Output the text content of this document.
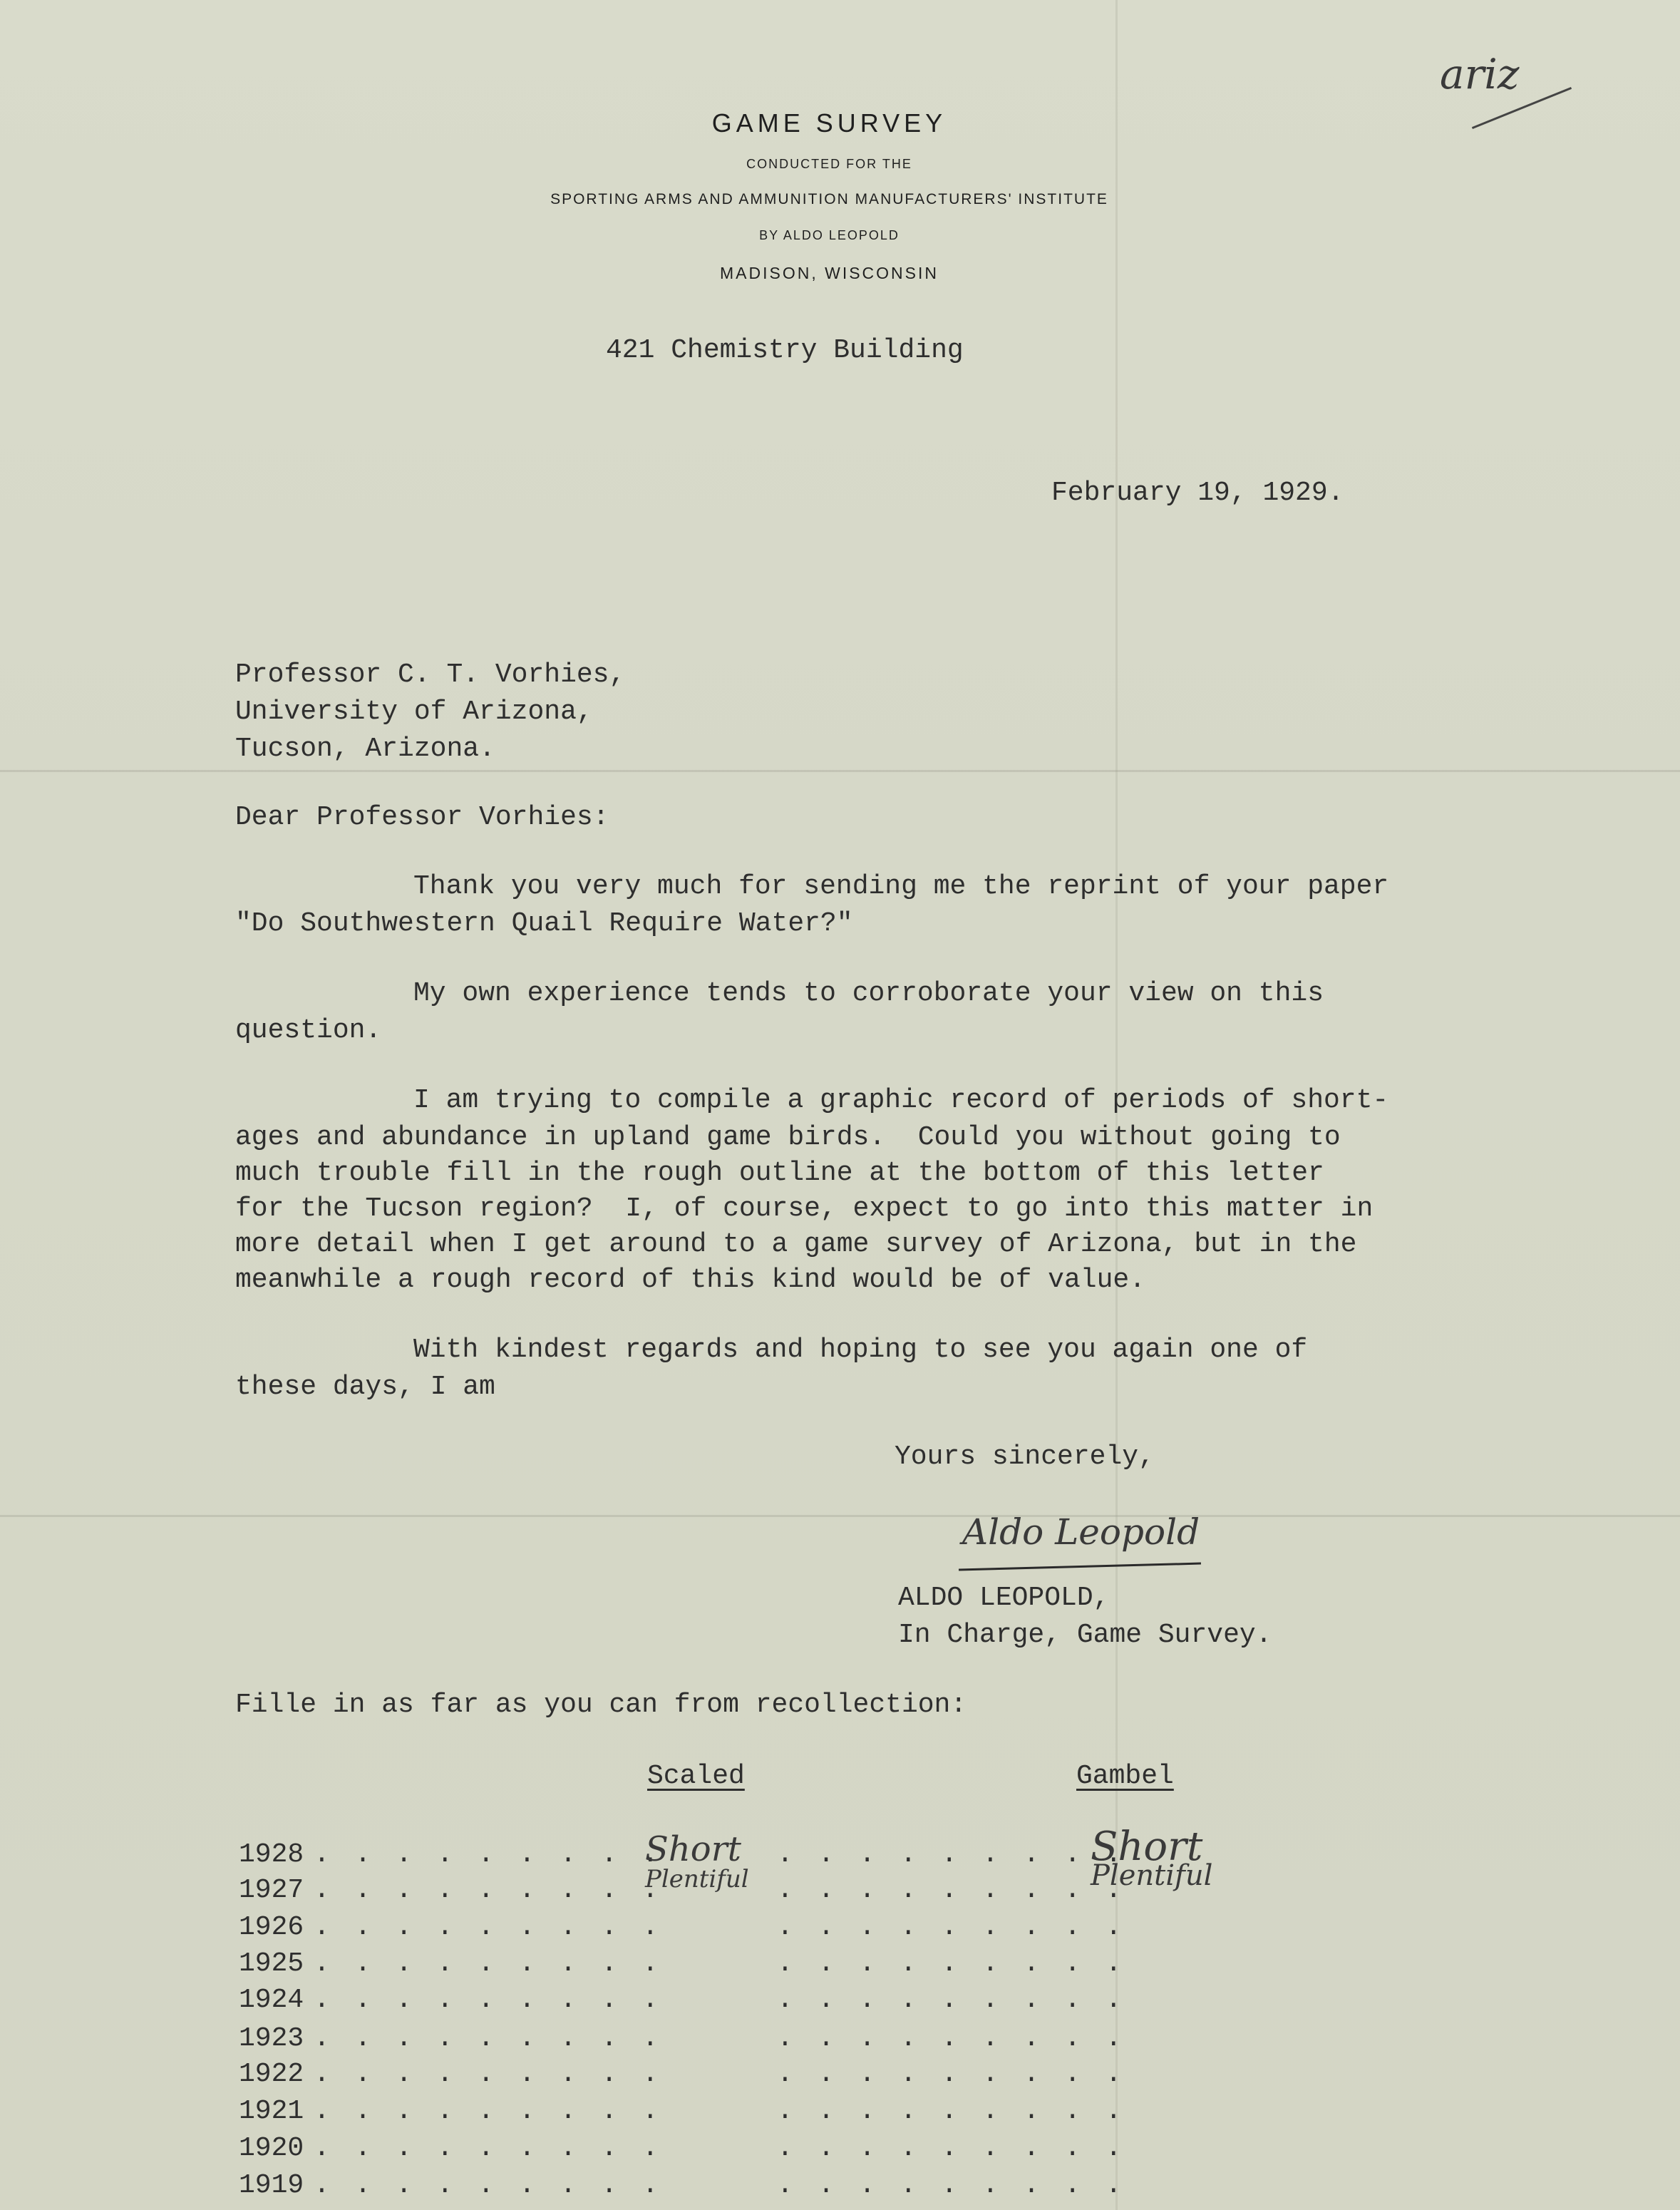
GAME SURVEY
CONDUCTED FOR THE
SPORTING ARMS AND AMMUNITION MANUFACTURERS' INSTITUTE
BY ALDO LEOPOLD
MADISON, WISCONSIN
ariz
421 Chemistry Building
February 19, 1929.
Professor C. T. Vorhies,
University of Arizona,
Tucson, Arizona.
Dear Professor Vorhies:
Thank you very much for sending me the reprint of your paper
"Do Southwestern Quail Require Water?"
My own experience tends to corroborate your view on this
question.
I am trying to compile a graphic record of periods of short-
ages and abundance in upland game birds.  Could you without going to
much trouble fill in the rough outline at the bottom of this letter
for the Tucson region?  I, of course, expect to go into this matter in
more detail when I get around to a game survey of Arizona, but in the
meanwhile a rough record of this kind would be of value.
With kindest regards and hoping to see you again one of
these days, I am
Yours sincerely,
Aldo Leopold
ALDO LEOPOLD,
In Charge, Game Survey.
Fille in as far as you can from recollection:
Scaled	Gambel
1928 . . . . . . . . .	. . . . . . . . .
Short	Short
1927 . . . . . . . . .	. . . . . . . . .
Plentiful	Plentiful
1926 . . . . . . . . .	. . . . . . . . .
1925 . . . . . . . . .	. . . . . . . . .
1924 . . . . . . . . .	. . . . . . . . .
1923 . . . . . . . . .	. . . . . . . . .
1922 . . . . . . . . .	. . . . . . . . .
1921 . . . . . . . . .	. . . . . . . . .
1920 . . . . . . . . .	. . . . . . . . .
1919 . . . . . . . . .	. . . . . . . . .
